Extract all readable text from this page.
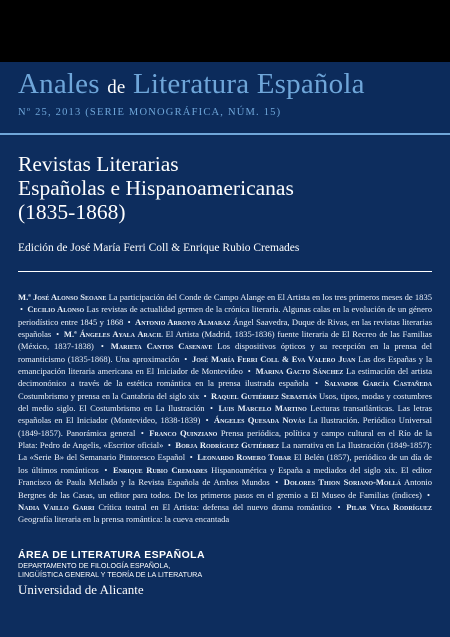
Anales de Literatura Española
Nº 25, 2013 (SERIE MONOGRÁFICA, NÚM. 15)
Revistas Literarias
Españolas e Hispanoamericanas
(1835-1868)
Edición de José María Ferri Coll & Enrique Rubio Cremades
M.ª José Alonso Seoane La participación del Conde de Campo Alange en El Artista en los tres primeros meses de 1835 • Cecilio Alonso Las revistas de actualidad germen de la crónica literaria. Algunas calas en la evolución de un género periodístico entre 1845 y 1868 • Antonio Arroyo Almaraz Ángel Saavedra, Duque de Rivas, en las revistas literarias españolas • M.ª Ángeles Ayala Aracil El Artista (Madrid, 1835-1836) fuente literaria de El Recreo de las Familias (México, 1837-1838) • Marieta Cantos Casenave Los dispositivos ópticos y su recepción en la prensa del romanticismo (1835-1868). Una aproximación • José María Ferri Coll & Eva Valero Juan Las dos Españas y la emancipación literaria americana en El Iniciador de Montevideo • Marina Gacto Sánchez La estimación del artista decimonónico a través de la estética romántica en la prensa ilustrada española • Salvador García Castañeda Costumbrismo y prensa en la Cantabria del siglo xix • Raquel Gutiérrez Sebastián Usos, tipos, modas y costumbres del medio siglo. El Costumbrismo en La Ilustración • Luis Marcelo Martino Lecturas transatlánticas. Las letras españolas en El Iniciador (Montevideo, 1838-1839) • Ángeles Quesada Novás La Ilustración. Periódico Universal (1849-1857). Panorámica general • Franco Quinziano Prensa periódica, política y campo cultural en el Río de la Plata: Pedro de Angelis, «Escritor oficial» • Borja Rodríguez Gutiérrez La narrativa en La Ilustración (1849-1857): La «Serie B» del Semanario Pintoresco Español • Leonardo Romero Tobar El Belén (1857), periódico de un día de los últimos románticos • Enrique Rubio Cremades Hispanoamérica y España a mediados del siglo xix. El editor Francisco de Paula Mellado y la Revista Española de Ambos Mundos • Dolores Thion Soriano-Mollá Antonio Bergnes de las Casas, un editor para todos. De los primeros pasos en el gremio a El Museo de Familias (índices) • Nadia Vaillo Garri Crítica teatral en El Artista: defensa del nuevo drama romántico • Pilar Vega Rodríguez Geografía literaria en la prensa romántica: la cueva encantada
ÁREA DE LITERATURA ESPAÑOLA
DEPARTAMENTO DE FILOLOGÍA ESPAÑOLA,
LINGÜÍSTICA GENERAL Y TEORÍA DE LA LITERATURA
Universidad de Alicante
